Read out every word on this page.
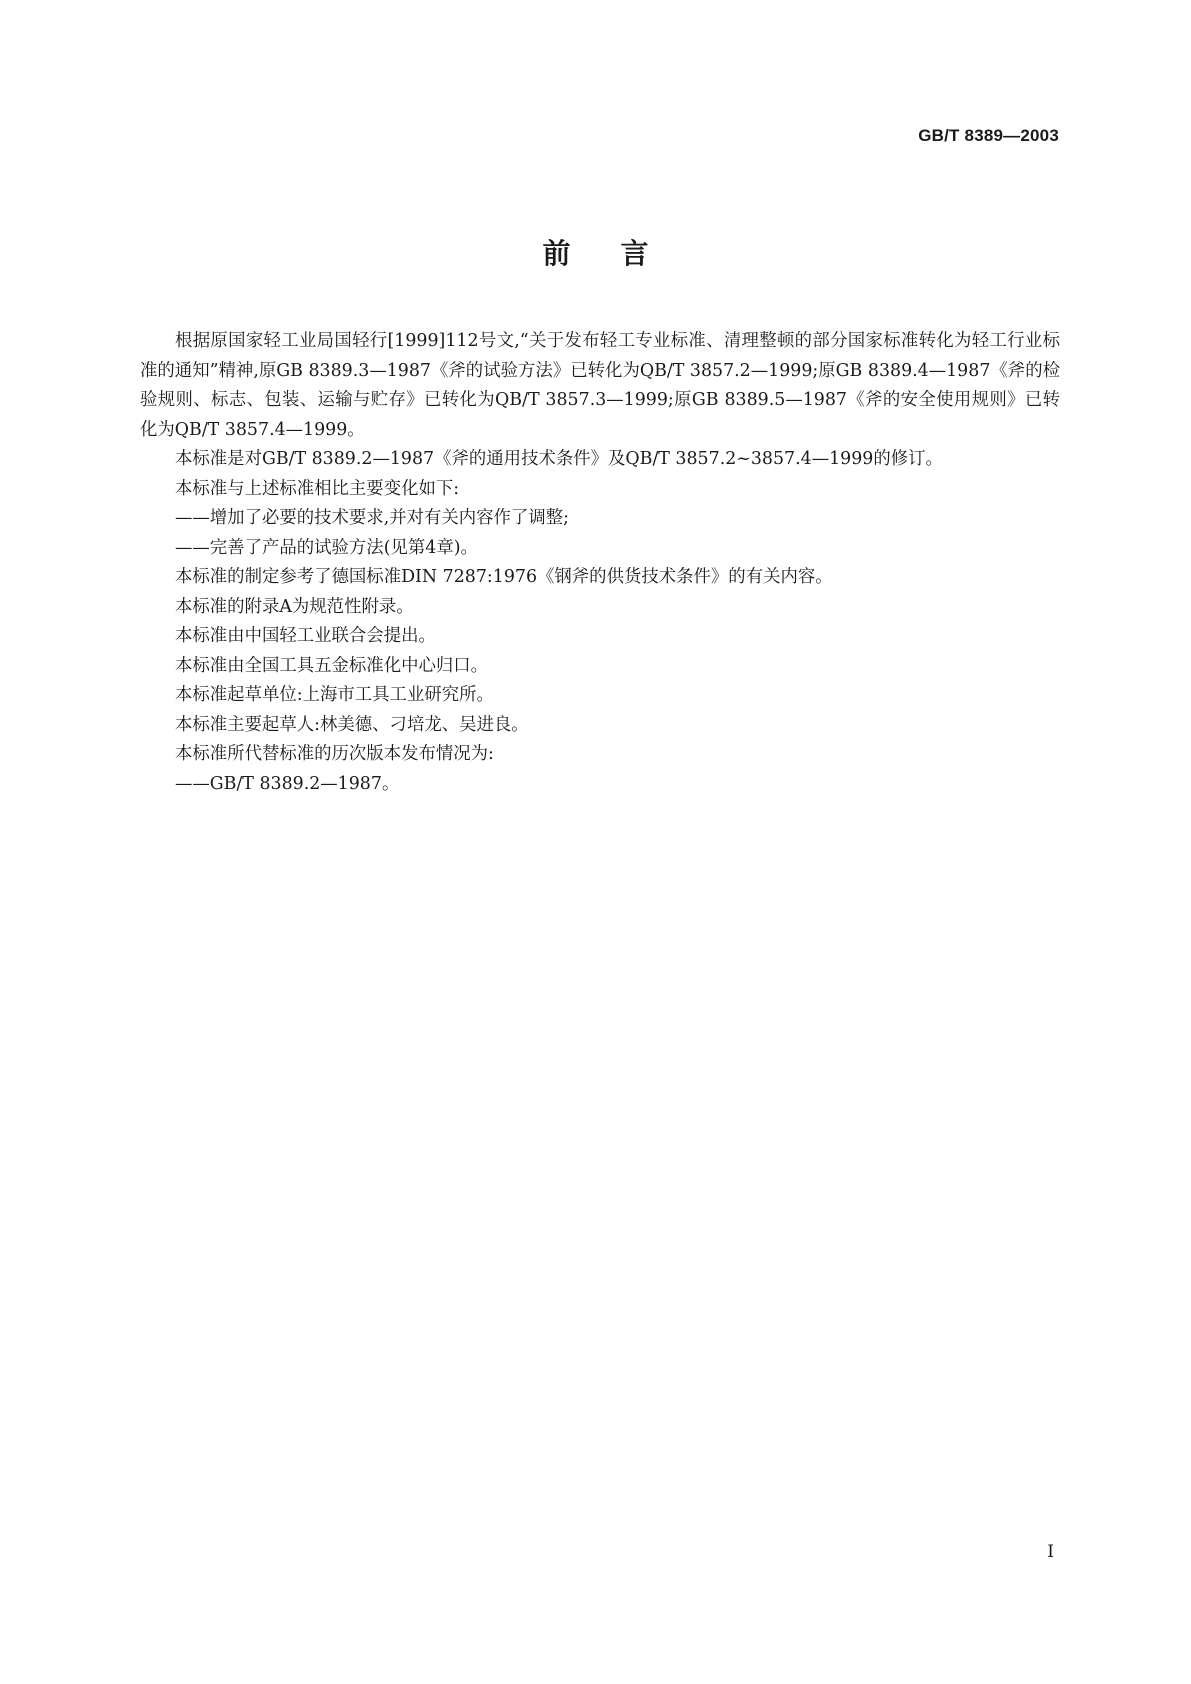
GB/T 8389—2003
前言

根据原国家轻工业局国轻行[1999]112号文,“关于发布轻工专业标准、清理整顿的部分国家标准转化为轻工行业标准的通知”精神,原GB 8389.3—1987《斧的试验方法》已转化为QB/T 3857.2—1999;原GB 8389.4—1987《斧的检验规则、标志、包装、运输与贮存》已转化为QB/T 3857.3—1999;原GB 8389.5—1987《斧的安全使用规则》已转化为QB/T 3857.4—1999。

本标准是对GB/T 8389.2—1987《斧的通用技术条件》及QB/T 3857.2~3857.4—1999的修订。

本标准与上述标准相比主要变化如下:

——增加了必要的技术要求,并对有关内容作了调整;

——完善了产品的试验方法(见第4章)。

本标准的制定参考了德国标准DIN 7287:1976《钢斧的供货技术条件》的有关内容。

本标准的附录A为规范性附录。

本标准由中国轻工业联合会提出。

本标准由全国工具五金标准化中心归口。

本标准起草单位:上海市工具工业研究所。

本标准主要起草人:林美德、刁培龙、吴进良。

本标准所代替标准的历次版本发布情况为:

——GB/T 8389.2—1987。

I
